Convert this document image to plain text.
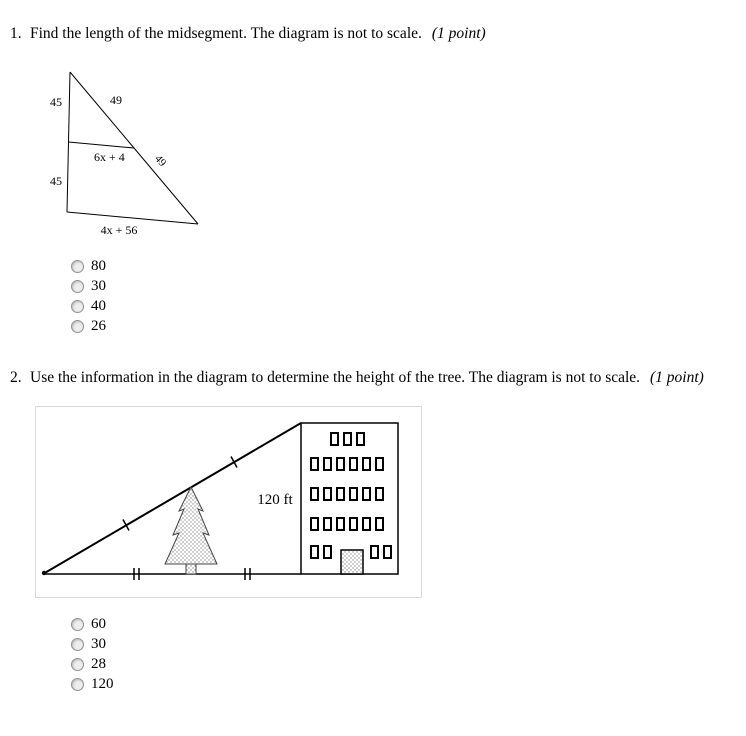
1. Find the length of the midsegment. The diagram is not to scale. (1 point)
45	49
6x + 4 49
45
4x + 56
80
30
40
26
2. Use the information in the diagram to determine the height of the tree. The diagram is not to scale. (1 point)
120 ft
60
30
28
120
